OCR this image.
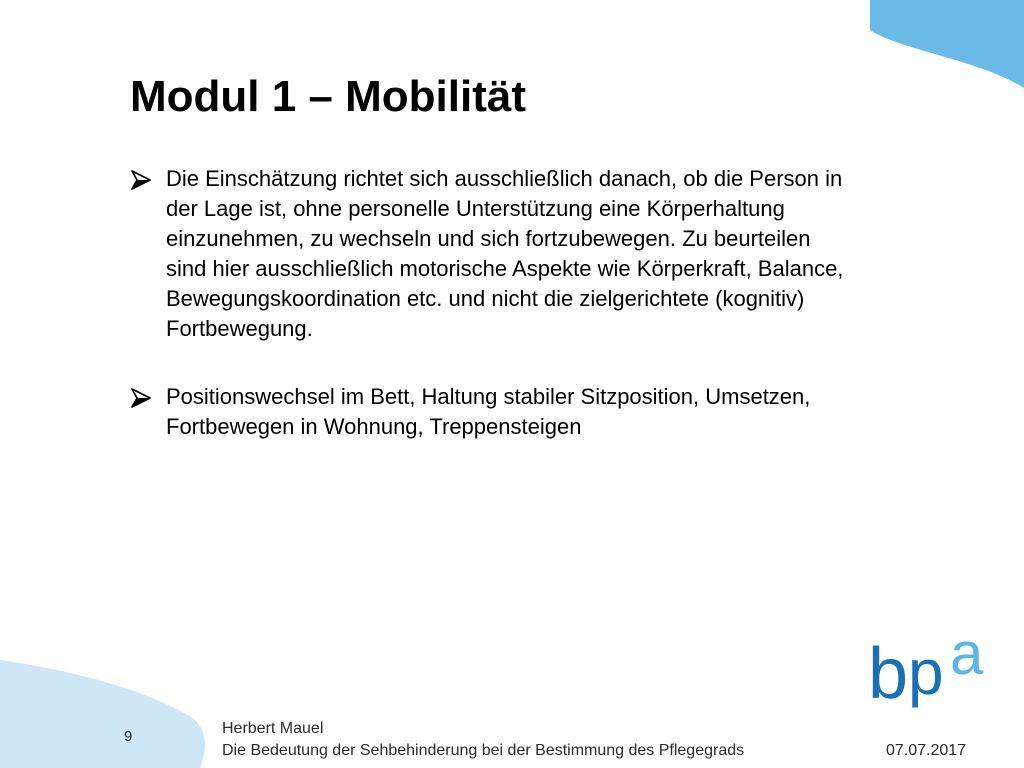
Modul 1 – Mobilität
Die Einschätzung richtet sich ausschließlich danach, ob die Person in der Lage ist, ohne personelle Unterstützung eine Körperhaltung einzunehmen, zu wechseln und sich fortzubewegen. Zu beurteilen sind hier ausschließlich motorische Aspekte wie Körperkraft, Balance, Bewegungskoordination etc. und nicht die zielgerichtete (kognitiv) Fortbewegung.
Positionswechsel im Bett, Haltung stabiler Sitzposition, Umsetzen, Fortbewegen in Wohnung, Treppensteigen
b p a
9	Herbert Mauel
Die Bedeutung der Sehbehinderung bei der Bestimmung des Pflegegrads	07.07.2017
